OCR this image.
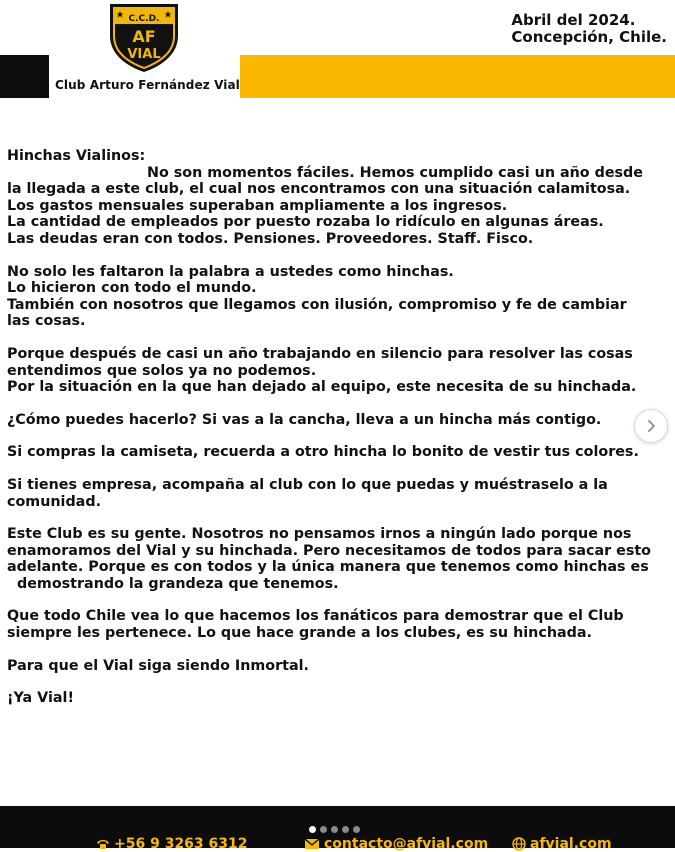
C.C.D.
AF
VIAL
Club Arturo Fernández Vial
Abril del 2024.
Concepción, Chile.
Hinchas Vialinos:
No son momentos fáciles. Hemos cumplido casi un año desde
la llegada a este club, el cual nos encontramos con una situación calamitosa.
Los gastos mensuales superaban ampliamente a los ingresos.
La cantidad de empleados por puesto rozaba lo ridículo en algunas áreas.
Las deudas eran con todos. Pensiones. Proveedores. Staff. Fisco.
No solo les faltaron la palabra a ustedes como hinchas.
Lo hicieron con todo el mundo.
También con nosotros que llegamos con ilusión, compromiso y fe de cambiar
las cosas.
Porque después de casi un año trabajando en silencio para resolver las cosas
entendimos que solos ya no podemos.
Por la situación en la que han dejado al equipo, este necesita de su hinchada.
¿Cómo puedes hacerlo? Si vas a la cancha, lleva a un hincha más contigo.
Si compras la camiseta, recuerda a otro hincha lo bonito de vestir tus colores.
Si tienes empresa, acompaña al club con lo que puedas y muéstraselo a la
comunidad.
Este Club es su gente. Nosotros no pensamos irnos a ningún lado porque nos
enamoramos del Vial y su hinchada. Pero necesitamos de todos para sacar esto
adelante. Porque es con todos y la única manera que tenemos como hinchas es
demostrando la grandeza que tenemos.
Que todo Chile vea lo que hacemos los fanáticos para demostrar que el Club
siempre les pertenece. Lo que hace grande a los clubes, es su hinchada.
Para que el Vial siga siendo Inmortal.
¡Ya Vial!
+56 9 3263 6312	contacto@afvial.com	afvial.com
